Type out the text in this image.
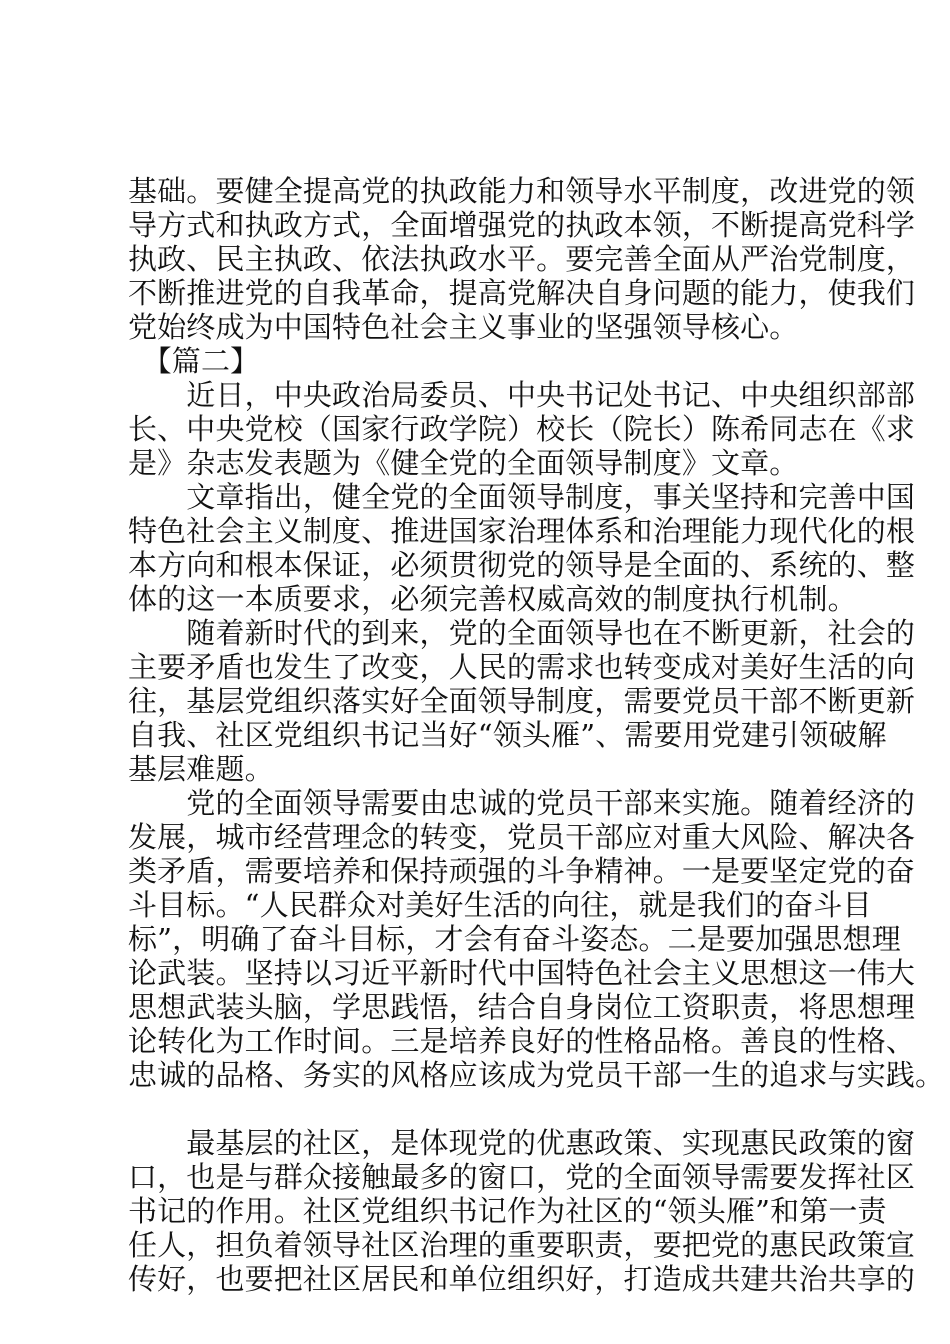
基础。要健全提高党的执政能力和领导水平制度，改进党的领
导方式和执政方式，全面增强党的执政本领，不断提高党科学
执政、民主执政、依法执政水平。要完善全面从严治党制度，
不断推进党的自我革命，提高党解决自身问题的能力，使我们
党始终成为中国特色社会主义事业的坚强领导核心。
　【篇二】
　　近日，中央政治局委员、中央书记处书记、中央组织部部
长、中央党校（国家行政学院）校长（院长）陈希同志在《求
是》杂志发表题为《健全党的全面领导制度》文章。
　　文章指出，健全党的全面领导制度，事关坚持和完善中国
特色社会主义制度、推进国家治理体系和治理能力现代化的根
本方向和根本保证，必须贯彻党的领导是全面的、系统的、整
体的这一本质要求，必须完善权威高效的制度执行机制。
　　随着新时代的到来，党的全面领导也在不断更新，社会的
主要矛盾也发生了改变，人民的需求也转变成对美好生活的向
往，基层党组织落实好全面领导制度，需要党员干部不断更新
自我、社区党组织书记当好“领头雁”、需要用党建引领破解
基层难题。
　　党的全面领导需要由忠诚的党员干部来实施。随着经济的
发展，城市经营理念的转变，党员干部应对重大风险、解决各
类矛盾，需要培养和保持顽强的斗争精神。一是要坚定党的奋
斗目标。“人民群众对美好生活的向往，就是我们的奋斗目
标”，明确了奋斗目标，才会有奋斗姿态。二是要加强思想理
论武装。坚持以习近平新时代中国特色社会主义思想这一伟大
思想武装头脑，学思践悟，结合自身岗位工资职责，将思想理
论转化为工作时间。三是培养良好的性格品格。善良的性格、
忠诚的品格、务实的风格应该成为党员干部一生的追求与实践。
　　最基层的社区，是体现党的优惠政策、实现惠民政策的窗
口，也是与群众接触最多的窗口，党的全面领导需要发挥社区
书记的作用。社区党组织书记作为社区的“领头雁”和第一责
任人，担负着领导社区治理的重要职责，要把党的惠民政策宣
传好，也要把社区居民和单位组织好，打造成共建共治共享的
